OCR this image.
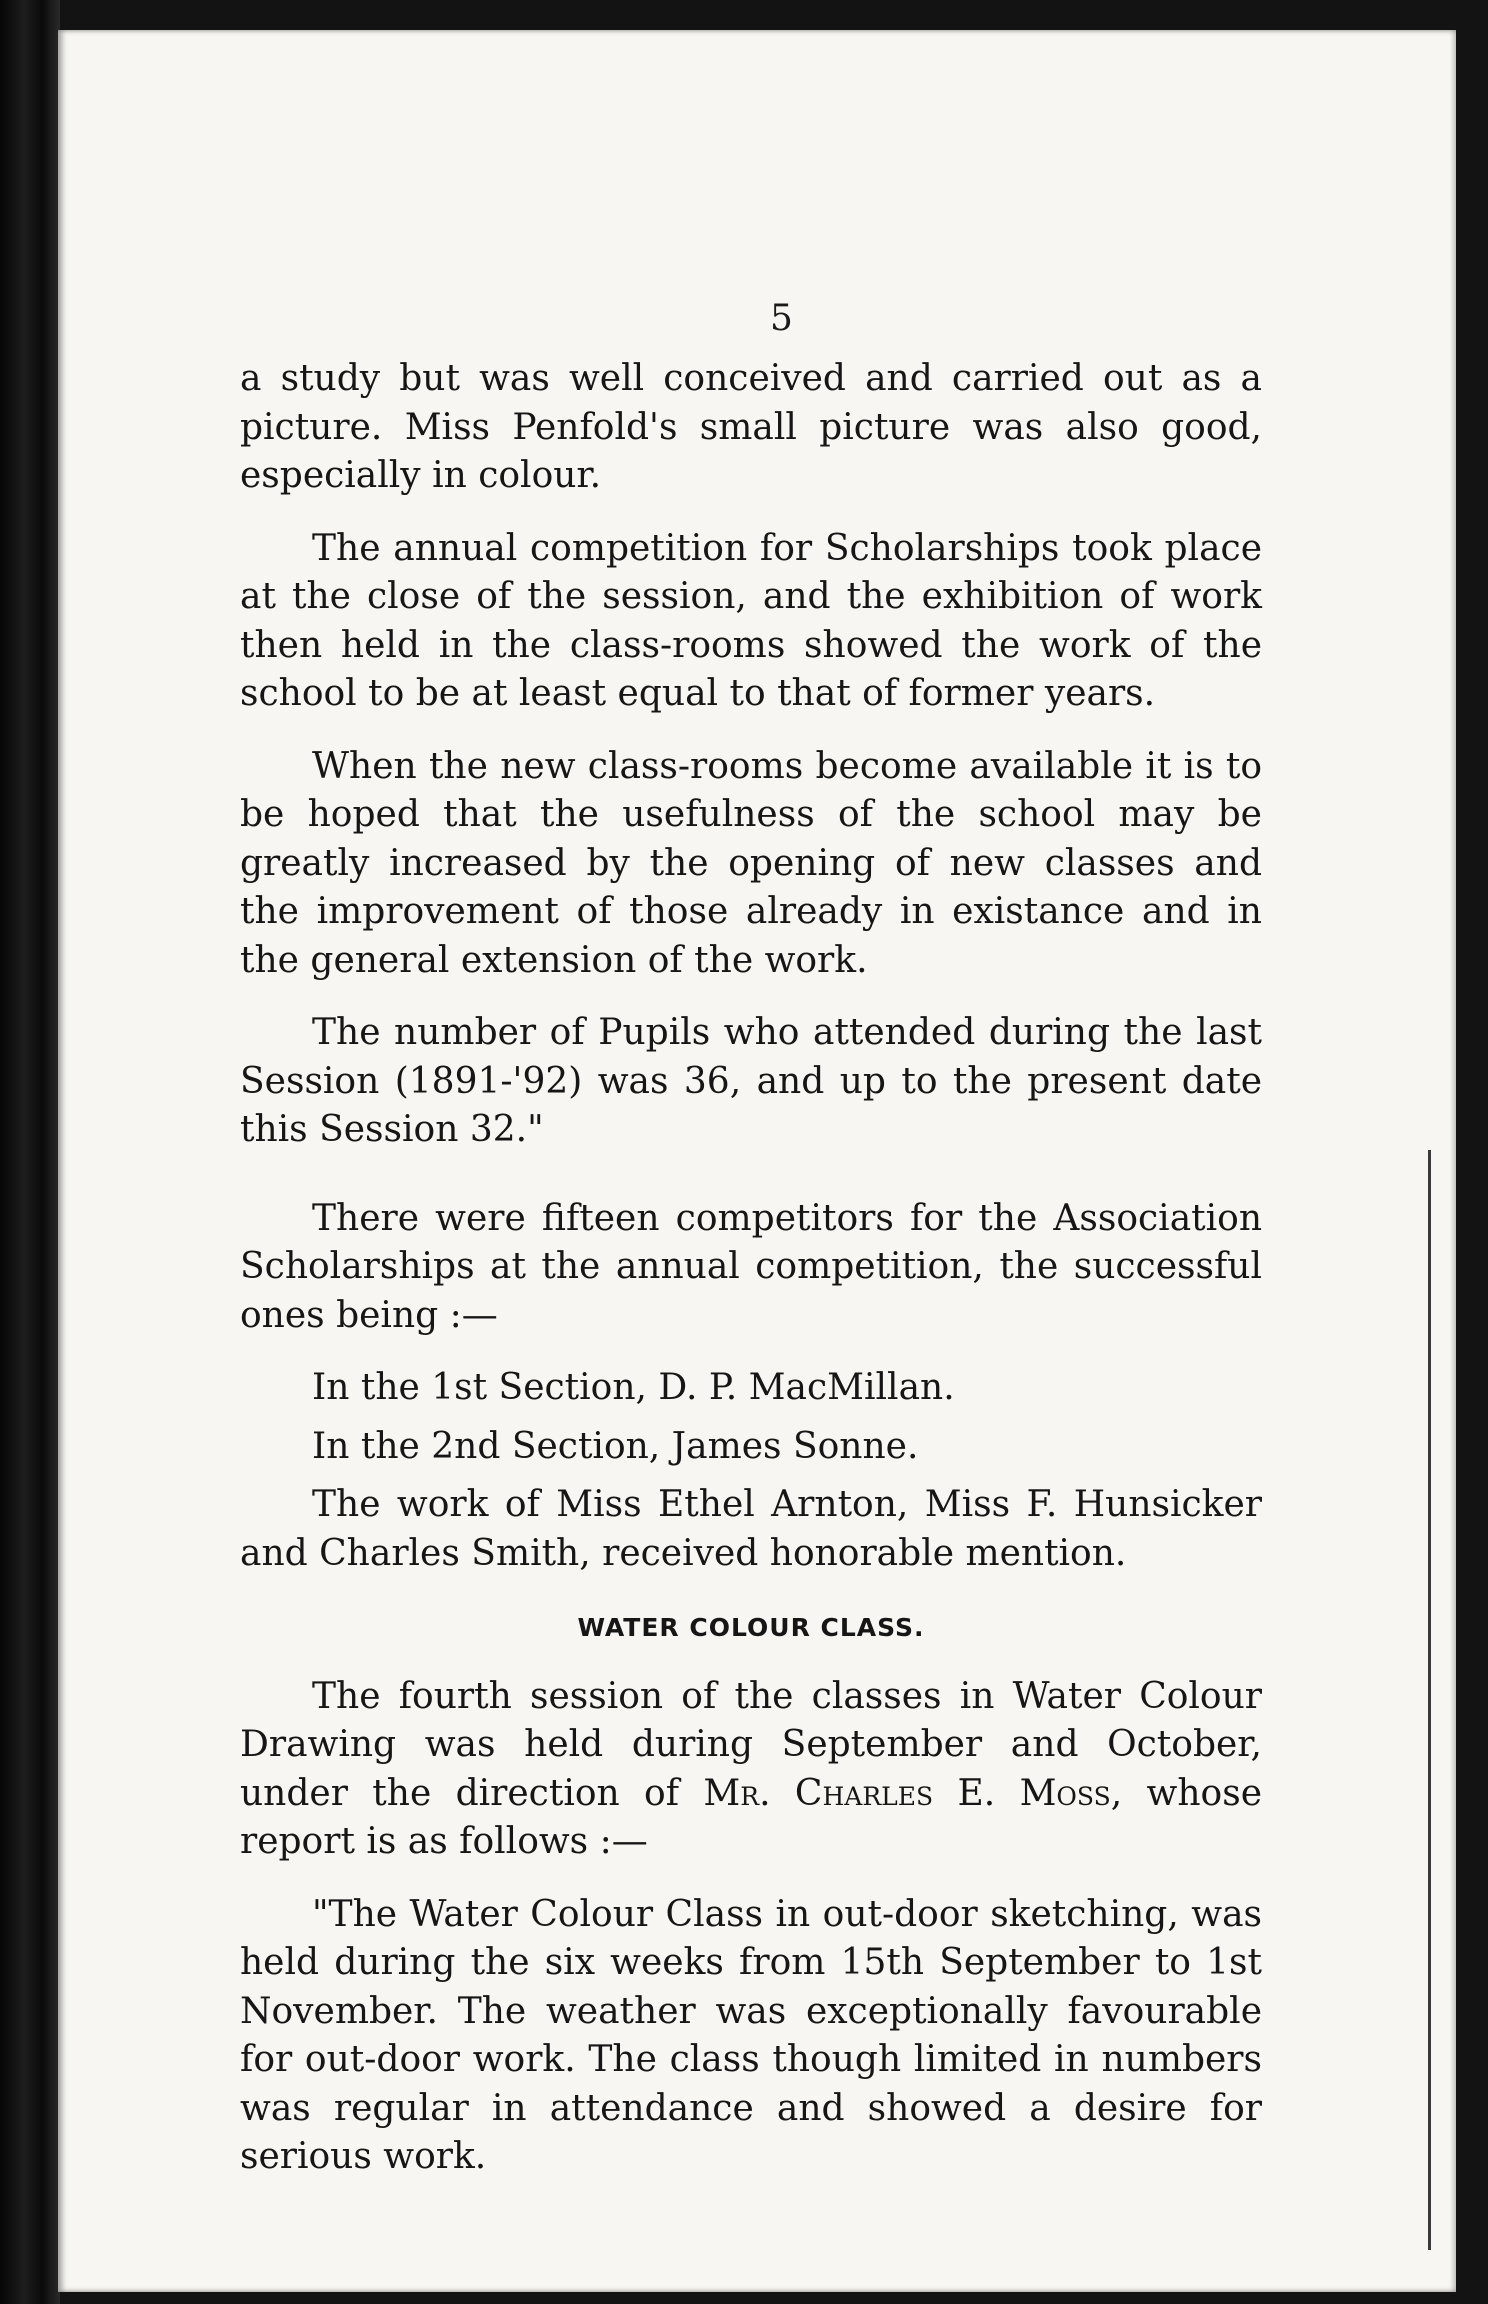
5

a study but was well conceived and carried out as a picture. Miss Penfold's small picture was also good, especially in colour.

The annual competition for Scholarships took place at the close of the session, and the exhibition of work then held in the class-rooms showed the work of the school to be at least equal to that of former years.

When the new class-rooms become available it is to be hoped that the usefulness of the school may be greatly increased by the opening of new classes and the improvement of those already in existance and in the general extension of the work.

The number of Pupils who attended during the last Session (1891-'92) was 36, and up to the present date this Session 32."

There were fifteen competitors for the Association Scholarships at the annual competition, the successful ones being :—

In the 1st Section, D. P. MacMillan.

In the 2nd Section, James Sonne.

The work of Miss Ethel Arnton, Miss F. Hunsicker and Charles Smith, received honorable mention.

WATER COLOUR CLASS.

The fourth session of the classes in Water Colour Drawing was held during September and October, under the direction of Mr. Charles E. Moss, whose report is as follows :—

"The Water Colour Class in out-door sketching, was held during the six weeks from 15th September to 1st November. The weather was exceptionally favourable for out-door work. The class though limited in numbers was regular in attendance and showed a desire for serious work.
